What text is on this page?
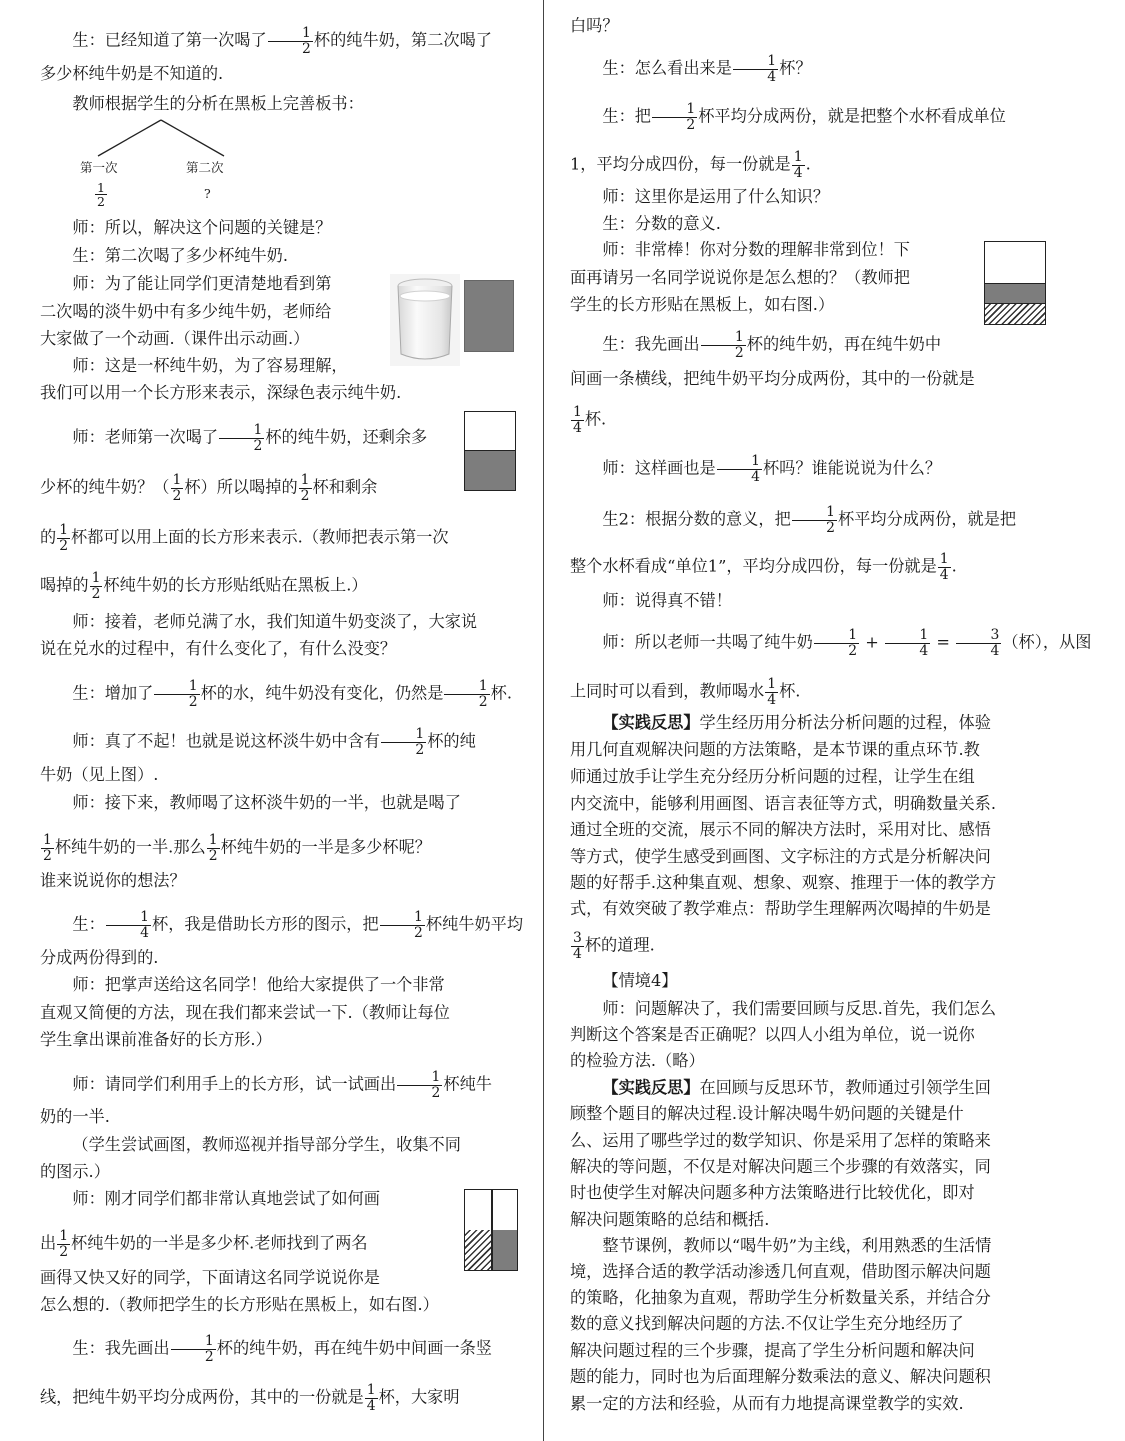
生：已经知道了第一次喝了 $\frac{1}{2}$ 杯的纯牛奶，第二次喝了

多少杯纯牛奶是不知道的.

教师根据学生的分析在黑板上完善板书：

第一次	第二次
$\frac{1}{2}$	?

师：所以，解决这个问题的关键是？

生：第二次喝了多少杯纯牛奶.

师：为了能让同学们更清楚地看到第

二次喝的淡牛奶中有多少纯牛奶，老师给

大家做了一个动画.（课件出示动画.）

师：这是一杯纯牛奶，为了容易理解，

我们可以用一个长方形来表示，深绿色表示纯牛奶.

师：老师第一次喝了 $\frac{1}{2}$ 杯的纯牛奶，还剩余多

少杯的纯牛奶？（ $\frac{1}{2}$ 杯）所以喝掉的 $\frac{1}{2}$ 杯和剩余

的 $\frac{1}{2}$ 杯都可以用上面的长方形来表示.（教师把表示第一次

喝掉的 $\frac{1}{2}$ 杯纯牛奶的长方形贴纸贴在黑板上.）

师：接着，老师兑满了水，我们知道牛奶变淡了，大家说

说在兑水的过程中，有什么变化了，有什么没变？

生：增加了 $\frac{1}{2}$ 杯的水，纯牛奶没有变化，仍然是 $\frac{1}{2}$ 杯.

师：真了不起！也就是说这杯淡牛奶中含有 $\frac{1}{2}$ 杯的纯

牛奶（见上图）.

师：接下来，教师喝了这杯淡牛奶的一半，也就是喝了

$\frac{1}{2}$ 杯纯牛奶的一半.那么 $\frac{1}{2}$ 杯纯牛奶的一半是多少杯呢？

谁来说说你的想法？

生： $\frac{1}{4}$ 杯，我是借助长方形的图示，把 $\frac{1}{2}$ 杯纯牛奶平均

分成两份得到的.

师：把掌声送给这名同学！他给大家提供了一个非常

直观又简便的方法，现在我们都来尝试一下.（教师让每位

学生拿出课前准备好的长方形.）

师：请同学们利用手上的长方形，试一试画出 $\frac{1}{2}$ 杯纯牛

奶的一半.

（学生尝试画图，教师巡视并指导部分学生，收集不同

的图示.）

师：刚才同学们都非常认真地尝试了如何画

出 $\frac{1}{2}$ 杯纯牛奶的一半是多少杯.老师找到了两名

画得又快又好的同学，下面请这名同学说说你是

怎么想的.（教师把学生的长方形贴在黑板上，如右图.）

生：我先画出 $\frac{1}{2}$ 杯的纯牛奶，再在纯牛奶中间画一条竖

线，把纯牛奶平均分成两份，其中的一份就是 $\frac{1}{4}$ 杯，大家明

白吗？

生：怎么看出来是 $\frac{1}{4}$ 杯？

生：把 $\frac{1}{2}$ 杯平均分成两份，就是把整个水杯看成单位

1，平均分成四份，每一份就是 $\frac{1}{4}$ .

师：这里你是运用了什么知识？

生：分数的意义.

师：非常棒！你对分数的理解非常到位！下

面再请另一名同学说说你是怎么想的？（教师把

学生的长方形贴在黑板上，如右图.）

生：我先画出 $\frac{1}{2}$ 杯的纯牛奶，再在纯牛奶中

间画一条横线，把纯牛奶平均分成两份，其中的一份就是

$\frac{1}{4}$ 杯.

师：这样画也是 $\frac{1}{4}$ 杯吗？谁能说说为什么？

生2：根据分数的意义，把 $\frac{1}{2}$ 杯平均分成两份，就是把

整个水杯看成“单位1”，平均分成四份，每一份就是 $\frac{1}{4}$ .

师：说得真不错！

师：所以老师一共喝了纯牛奶 $\frac{1}{2} + \frac{1}{4} = \frac{3}{4}$ （杯），从图

上同时可以看到，教师喝水 $\frac{1}{4}$ 杯.

【实践反思】学生经历用分析法分析问题的过程，体验

用几何直观解决问题的方法策略，是本节课的重点环节.教

师通过放手让学生充分经历分析问题的过程，让学生在组

内交流中，能够利用画图、语言表征等方式，明确数量关系.

通过全班的交流，展示不同的解决方法时，采用对比、感悟

等方式，使学生感受到画图、文字标注的方式是分析解决问

题的好帮手.这种集直观、想象、观察、推理于一体的教学方

式，有效突破了教学难点：帮助学生理解两次喝掉的牛奶是

$\frac{3}{4}$ 杯的道理.

【情境4】

师：问题解决了，我们需要回顾与反思.首先，我们怎么

判断这个答案是否正确呢？以四人小组为单位，说一说你

的检验方法.（略）

【实践反思】在回顾与反思环节，教师通过引领学生回

顾整个题目的解决过程.设计解决喝牛奶问题的关键是什

么、运用了哪些学过的数学知识、你是采用了怎样的策略来

解决的等问题，不仅是对解决问题三个步骤的有效落实，同

时也使学生对解决问题多种方法策略进行比较优化，即对

解决问题策略的总结和概括.

整节课例，教师以“喝牛奶”为主线，利用熟悉的生活情

境，选择合适的教学活动渗透几何直观，借助图示解决问题

的策略，化抽象为直观，帮助学生分析数量关系，并结合分

数的意义找到解决问题的方法.不仅让学生充分地经历了

解决问题过程的三个步骤，提高了学生分析问题和解决问

题的能力，同时也为后面理解分数乘法的意义、解决问题积

累一定的方法和经验，从而有力地提高课堂教学的实效.
